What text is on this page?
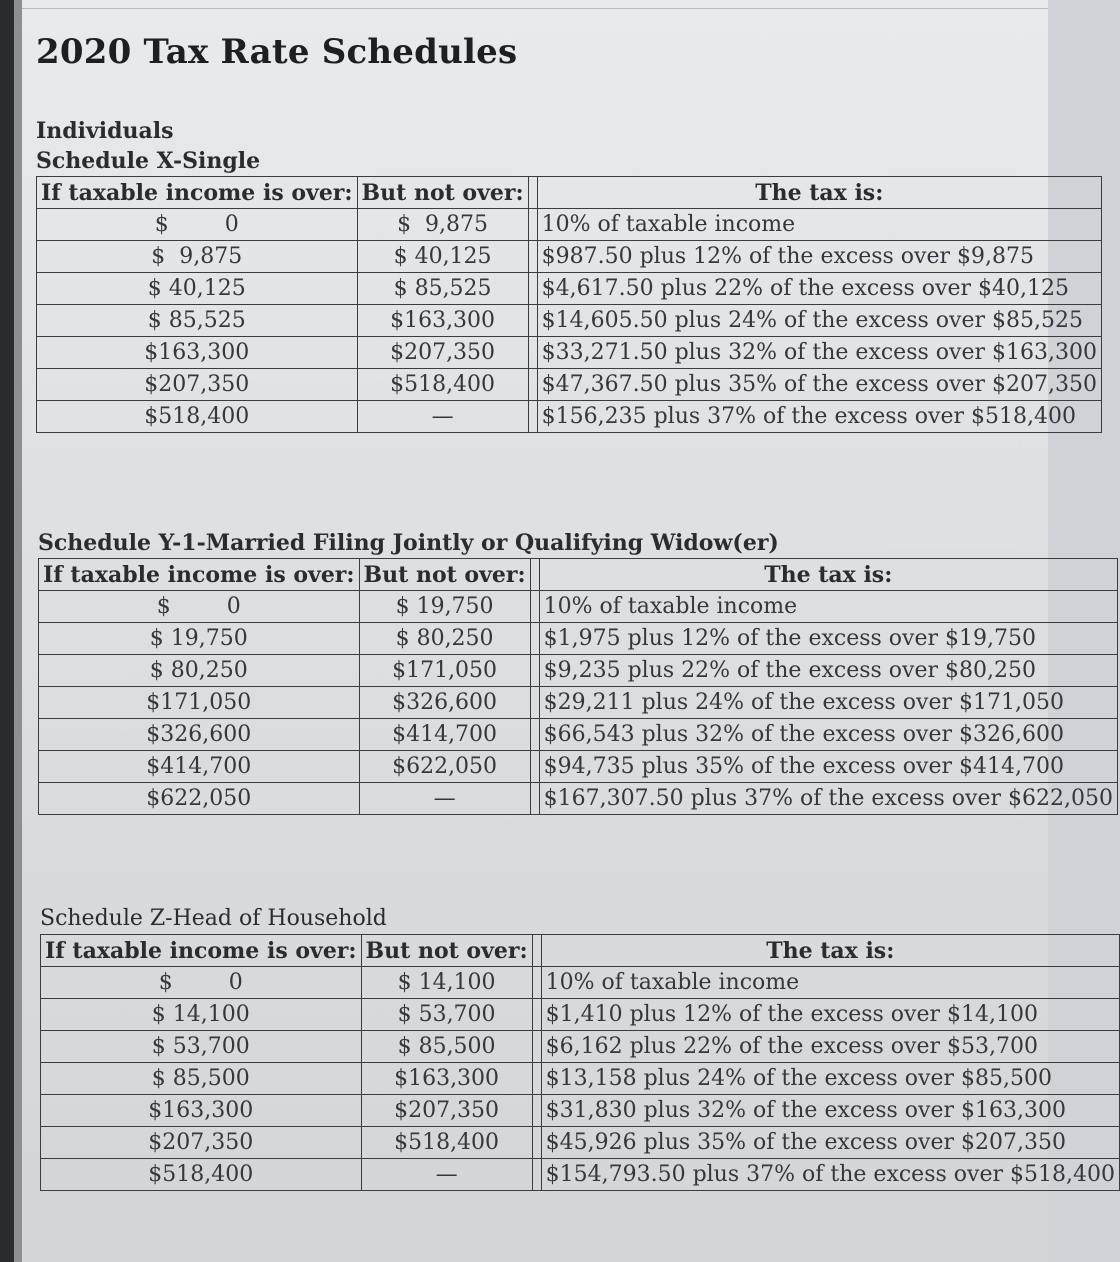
2020 Tax Rate Schedules
Individuals
Schedule X-Single
If taxable income is over:	But not over:		The tax is:
$        0	$  9,875		10% of taxable income
$  9,875	$ 40,125		$987.50 plus 12% of the excess over $9,875
$ 40,125	$ 85,525		$4,617.50 plus 22% of the excess over $40,125
$ 85,525	$163,300		$14,605.50 plus 24% of the excess over $85,525
$163,300	$207,350		$33,271.50 plus 32% of the excess over $163,300
$207,350	$518,400		$47,367.50 plus 35% of the excess over $207,350
$518,400	—		$156,235 plus 37% of the excess over $518,400
Schedule Y-1-Married Filing Jointly or Qualifying Widow(er)
If taxable income is over:	But not over:		The tax is:
$        0	$ 19,750		10% of taxable income
$ 19,750	$ 80,250		$1,975 plus 12% of the excess over $19,750
$ 80,250	$171,050		$9,235 plus 22% of the excess over $80,250
$171,050	$326,600		$29,211 plus 24% of the excess over $171,050
$326,600	$414,700		$66,543 plus 32% of the excess over $326,600
$414,700	$622,050		$94,735 plus 35% of the excess over $414,700
$622,050	—		$167,307.50 plus 37% of the excess over $622,050
Schedule Z-Head of Household
If taxable income is over:	But not over:		The tax is:
$        0	$ 14,100		10% of taxable income
$ 14,100	$ 53,700		$1,410 plus 12% of the excess over $14,100
$ 53,700	$ 85,500		$6,162 plus 22% of the excess over $53,700
$ 85,500	$163,300		$13,158 plus 24% of the excess over $85,500
$163,300	$207,350		$31,830 plus 32% of the excess over $163,300
$207,350	$518,400		$45,926 plus 35% of the excess over $207,350
$518,400	—		$154,793.50 plus 37% of the excess over $518,400
